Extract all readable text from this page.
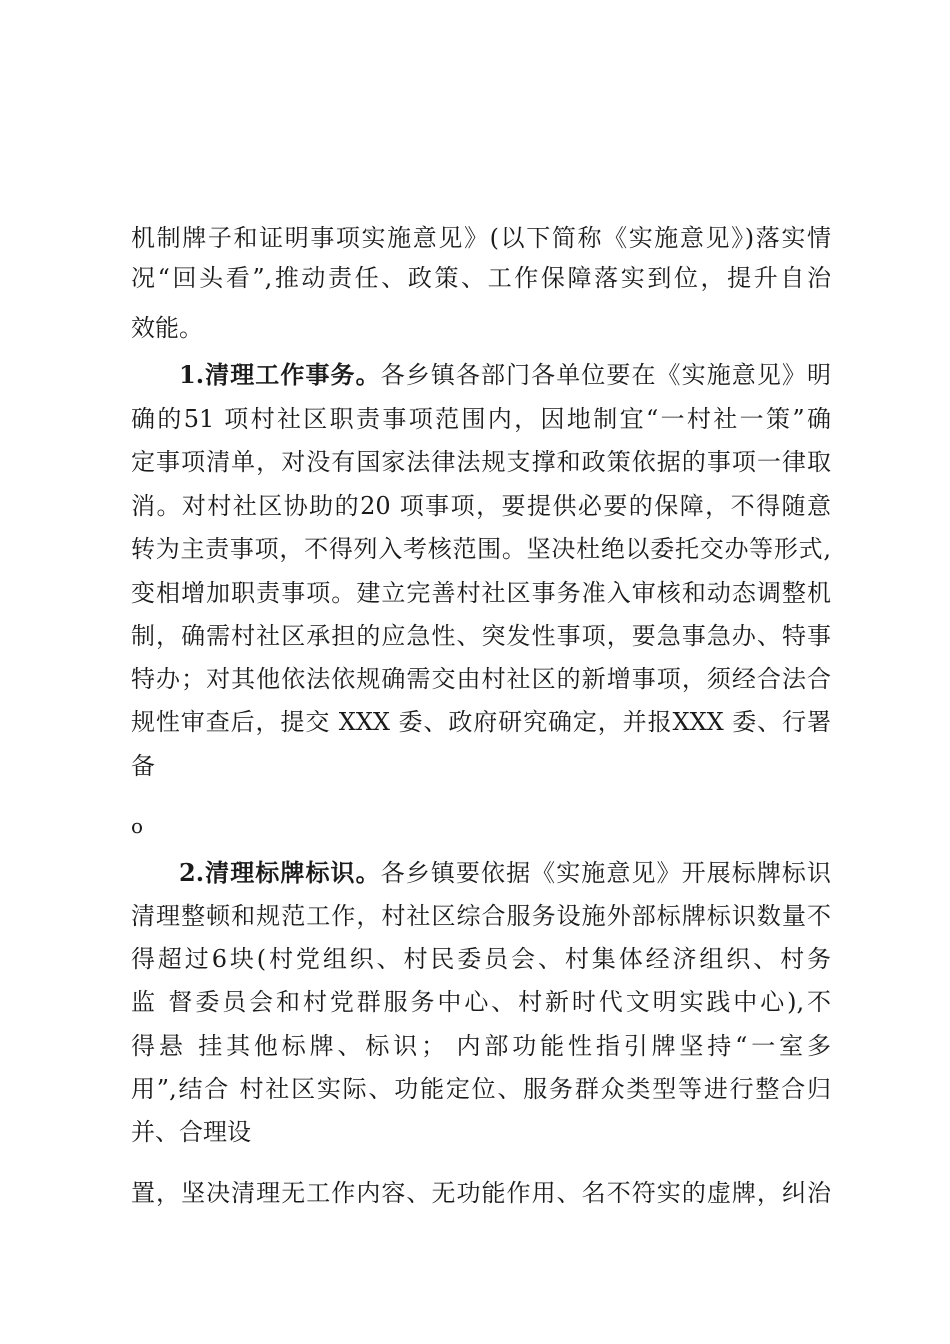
机制牌子和证明事项实施意见》(以下简称《实施意见》)落实情
况“回头看”,推动责任、政策、工作保障落实到位，提升自治
效能。
1.清理工作事务。各乡镇各部门各单位要在《实施意见》明
确的51 项村社区职责事项范围内，因地制宜“一村社一策”确
定事项清单，对没有国家法律法规支撑和政策依据的事项一律取
消。对村社区协助的20 项事项，要提供必要的保障，不得随意
转为主责事项，不得列入考核范围。坚决杜绝以委托交办等形式,
变相增加职责事项。建立完善村社区事务准入审核和动态调整机
制，确需村社区承担的应急性、突发性事项，要急事急办、特事
特办；对其他依法依规确需交由村社区的新增事项，须经合法合
规性审查后，提交 XXX 委、政府研究确定，并报XXX 委、行署
备
o
2.清理标牌标识。各乡镇要依据《实施意见》开展标牌标识
清理整顿和规范工作，村社区综合服务设施外部标牌标识数量不
得超过6块(村党组织、村民委员会、村集体经济组织、村务
监 督委员会和村党群服务中心、村新时代文明实践中心),不
得悬 挂其他标牌、标识； 内部功能性指引牌坚持“一室多
用”,结合 村社区实际、功能定位、服务群众类型等进行整合归
并、合理设
置，坚决清理无工作内容、无功能作用、名不符实的虚牌，纠治
